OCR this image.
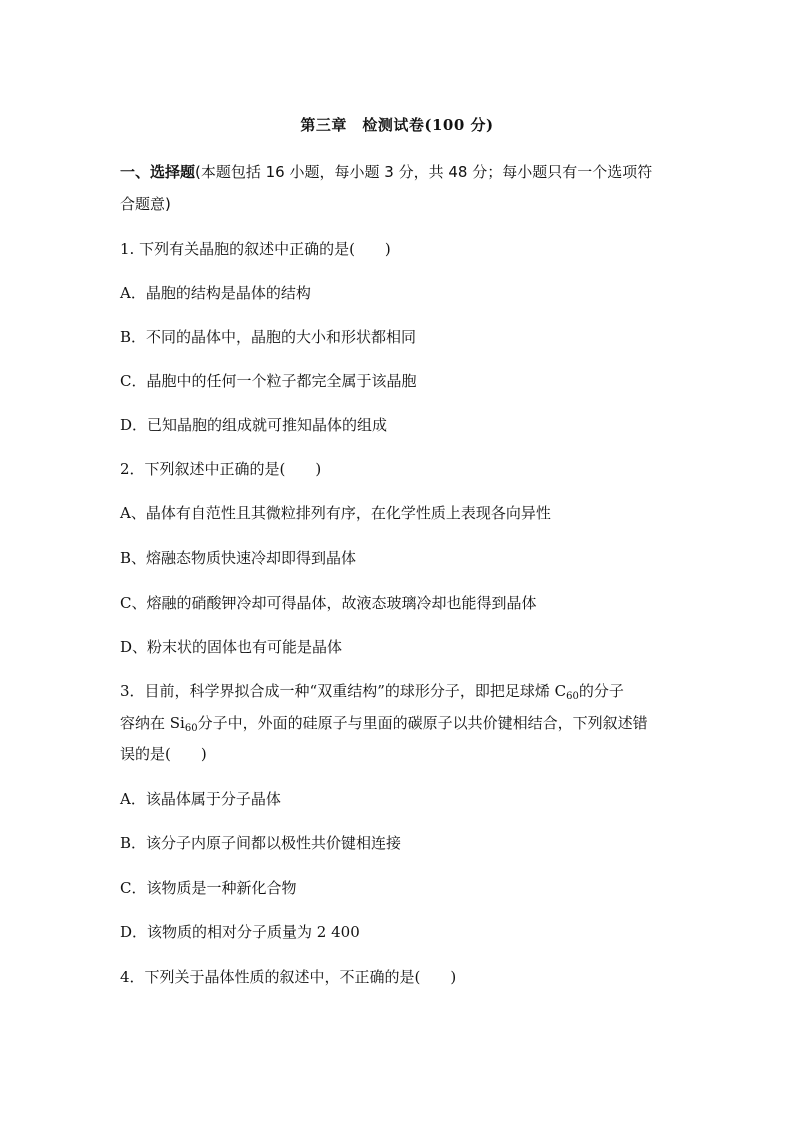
第三章　检测试卷(100 分)
一、选择题(本题包括 16 小题，每小题 3 分，共 48 分；每小题只有一个选项符
合题意)
1. 下列有关晶胞的叙述中正确的是(　　)
A．晶胞的结构是晶体的结构
B．不同的晶体中，晶胞的大小和形状都相同
C．晶胞中的任何一个粒子都完全属于该晶胞
D．已知晶胞的组成就可推知晶体的组成
2．下列叙述中正确的是(　　)
A、晶体有自范性且其微粒排列有序，在化学性质上表现各向异性
B、熔融态物质快速冷却即得到晶体
C、熔融的硝酸钾冷却可得晶体，故液态玻璃冷却也能得到晶体
D、粉末状的固体也有可能是晶体
3．目前，科学界拟合成一种“双重结构”的球形分子，即把足球烯 $C_{60}$的分子
容纳在 $Si_{60}$分子中，外面的硅原子与里面的碳原子以共价键相结合，下列叙述错
误的是(　　)
A．该晶体属于分子晶体
B．该分子内原子间都以极性共价键相连接
C．该物质是一种新化合物
D．该物质的相对分子质量为 2 400
4．下列关于晶体性质的叙述中，不正确的是(　　)
